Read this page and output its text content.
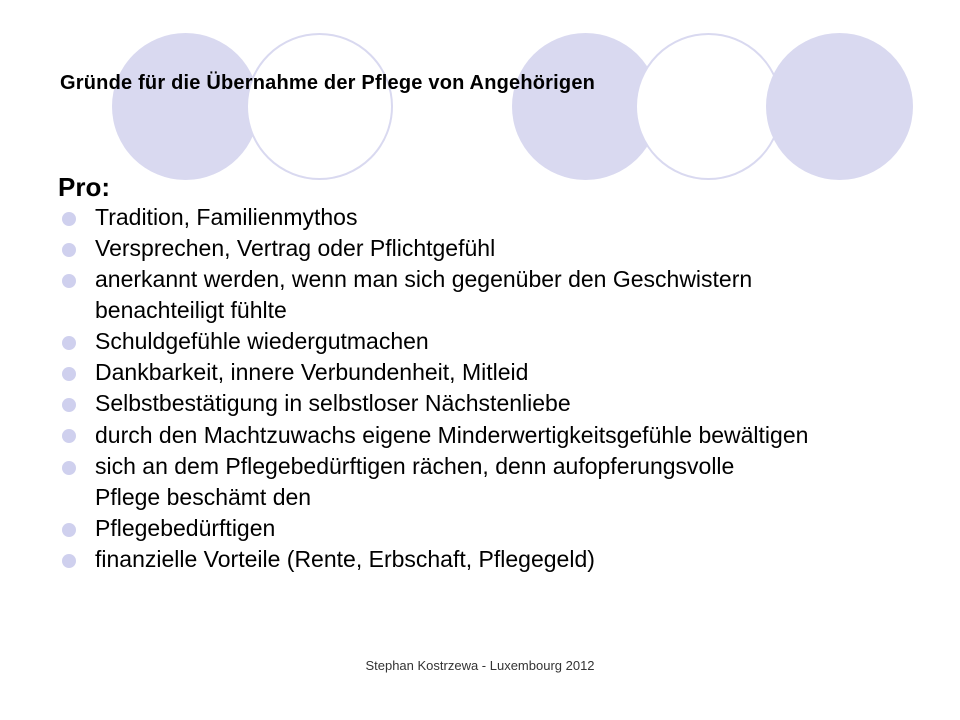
Gründe für die Übernahme der Pflege von Angehörigen
Pro:
Tradition, Familienmythos
Versprechen, Vertrag oder Pflichtgefühl
anerkannt werden, wenn man sich gegenüber den Geschwistern
benachteiligt fühlte
Schuldgefühle wiedergutmachen
Dankbarkeit, innere Verbundenheit, Mitleid
Selbstbestätigung in selbstloser Nächstenliebe
durch den Machtzuwachs eigene Minderwertigkeitsgefühle bewältigen
sich an dem Pflegebedürftigen rächen, denn aufopferungsvolle
Pflege beschämt den
Pflegebedürftigen
finanzielle Vorteile (Rente, Erbschaft, Pflegegeld)
Stephan Kostrzewa - Luxembourg 2012
